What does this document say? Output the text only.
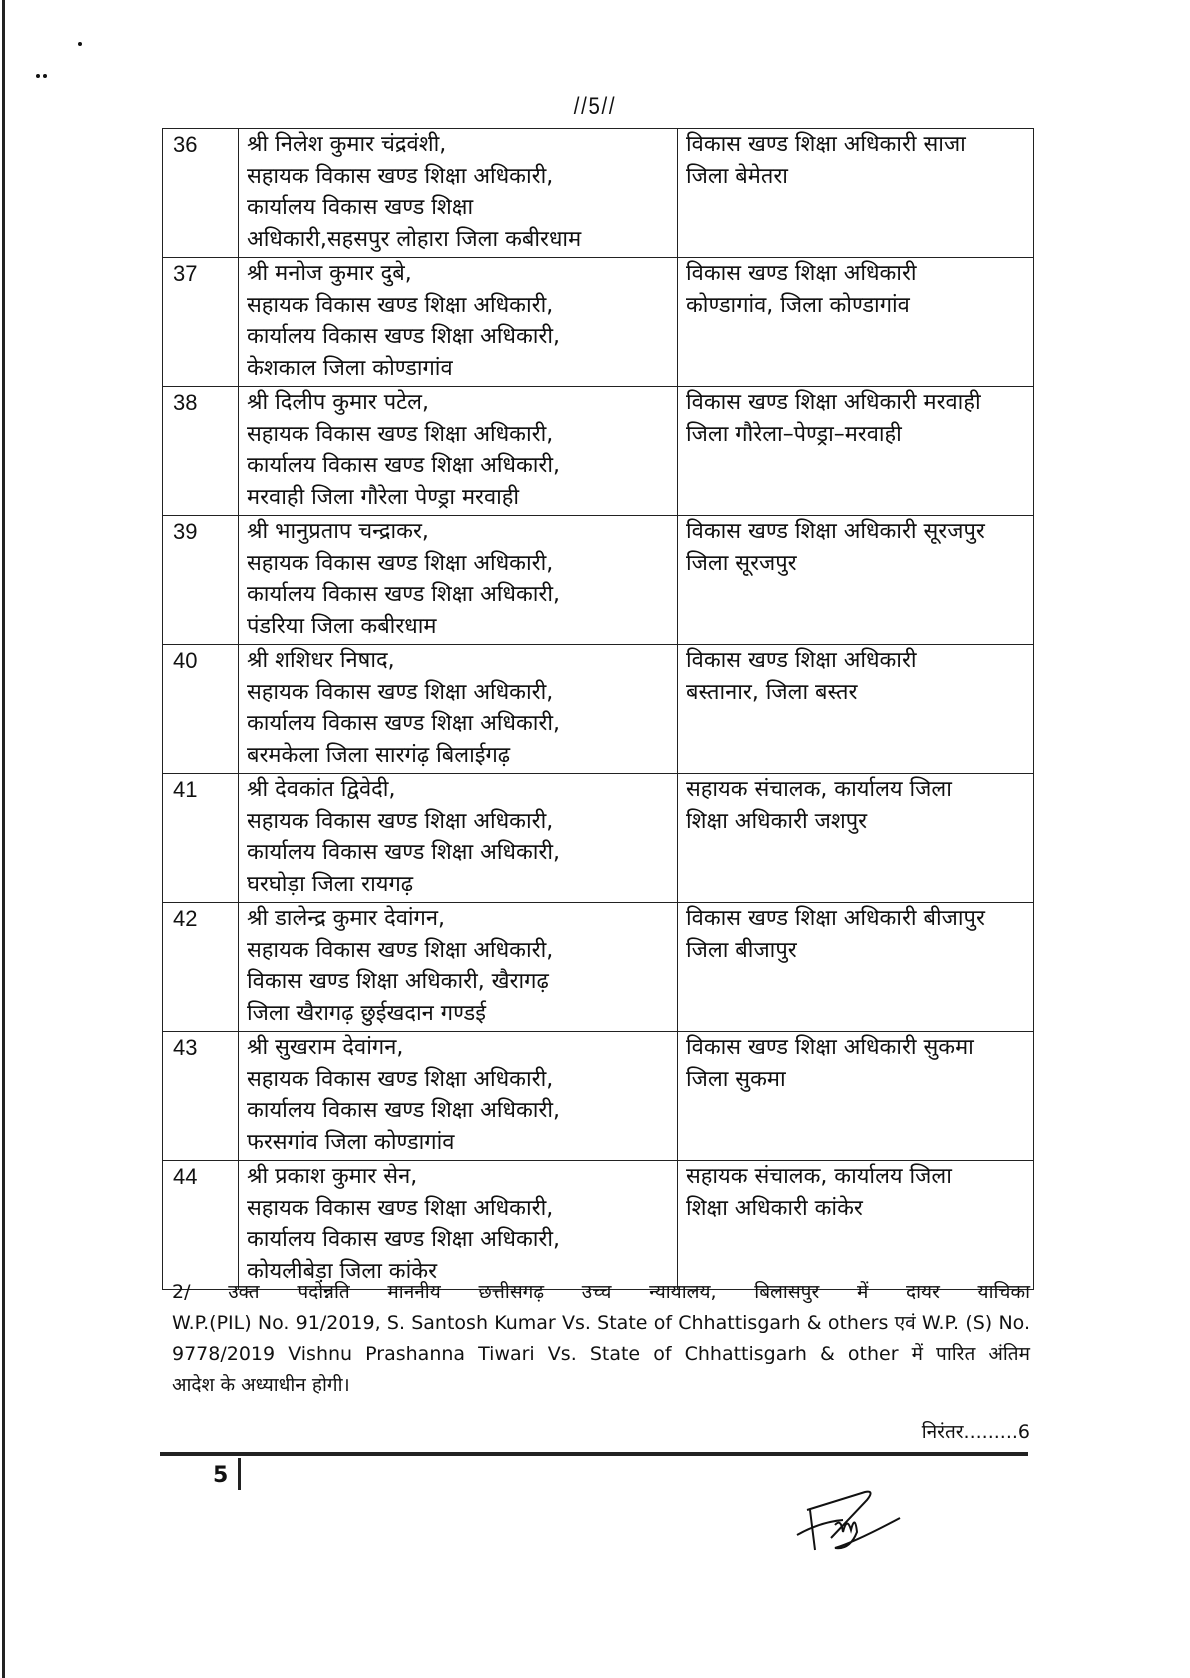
//5//
36	श्री निलेश कुमार चंद्रवंशी,
सहायक विकास खण्ड शिक्षा अधिकारी,
कार्यालय विकास खण्ड शिक्षा
अधिकारी,सहसपुर लोहारा जिला कबीरधाम	विकास खण्ड शिक्षा अधिकारी साजा
जिला बेमेतरा

37	श्री मनोज कुमार दुबे,
सहायक विकास खण्ड शिक्षा अधिकारी,
कार्यालय विकास खण्ड शिक्षा अधिकारी,
केशकाल जिला कोण्डागांव	विकास खण्ड शिक्षा अधिकारी
कोण्डागांव, जिला कोण्डागांव

38	श्री दिलीप कुमार पटेल,
सहायक विकास खण्ड शिक्षा अधिकारी,
कार्यालय विकास खण्ड शिक्षा अधिकारी,
मरवाही जिला गौरेला पेण्ड्रा मरवाही	विकास खण्ड शिक्षा अधिकारी मरवाही
जिला गौरेला–पेण्ड्रा–मरवाही

39	श्री भानुप्रताप चन्द्राकर,
सहायक विकास खण्ड शिक्षा अधिकारी,
कार्यालय विकास खण्ड शिक्षा अधिकारी,
पंडरिया जिला कबीरधाम	विकास खण्ड शिक्षा अधिकारी सूरजपुर
जिला सूरजपुर

40	श्री शशिधर निषाद,
सहायक विकास खण्ड शिक्षा अधिकारी,
कार्यालय विकास खण्ड शिक्षा अधिकारी,
बरमकेला जिला सारगंढ़ बिलाईगढ़	विकास खण्ड शिक्षा अधिकारी
बस्तानार, जिला बस्तर

41	श्री देवकांत द्विवेदी,
सहायक विकास खण्ड शिक्षा अधिकारी,
कार्यालय विकास खण्ड शिक्षा अधिकारी,
घरघोड़ा जिला रायगढ़	सहायक संचालक, कार्यालय जिला
शिक्षा अधिकारी जशपुर

42	श्री डालेन्द्र कुमार देवांगन,
सहायक विकास खण्ड शिक्षा अधिकारी,
विकास खण्ड शिक्षा अधिकारी, खैरागढ़
जिला खैरागढ़ छुईखदान गण्डई	विकास खण्ड शिक्षा अधिकारी बीजापुर
जिला बीजापुर

43	श्री सुखराम देवांगन,
सहायक विकास खण्ड शिक्षा अधिकारी,
कार्यालय विकास खण्ड शिक्षा अधिकारी,
फरसगांव जिला कोण्डागांव	विकास खण्ड शिक्षा अधिकारी सुकमा
जिला सुकमा

44	श्री प्रकाश कुमार सेन,
सहायक विकास खण्ड शिक्षा अधिकारी,
कार्यालय विकास खण्ड शिक्षा अधिकारी,
कोयलीबेड़ा जिला कांकेर	सहायक संचालक, कार्यालय जिला
शिक्षा अधिकारी कांकेर
2/ उक्त पदोन्नति माननीय छत्तीसगढ़ उच्च न्यायालय, बिलासपुर में दायर याचिका
W.P.(PIL) No. 91/2019, S. Santosh Kumar Vs. State of Chhattisgarh & others एवं W.P. (S) No.
9778/2019 Vishnu Prashanna Tiwari Vs. State of Chhattisgarh & other में पारित अंतिम
आदेश के अध्याधीन होगी।
निरंतर.........6
5
